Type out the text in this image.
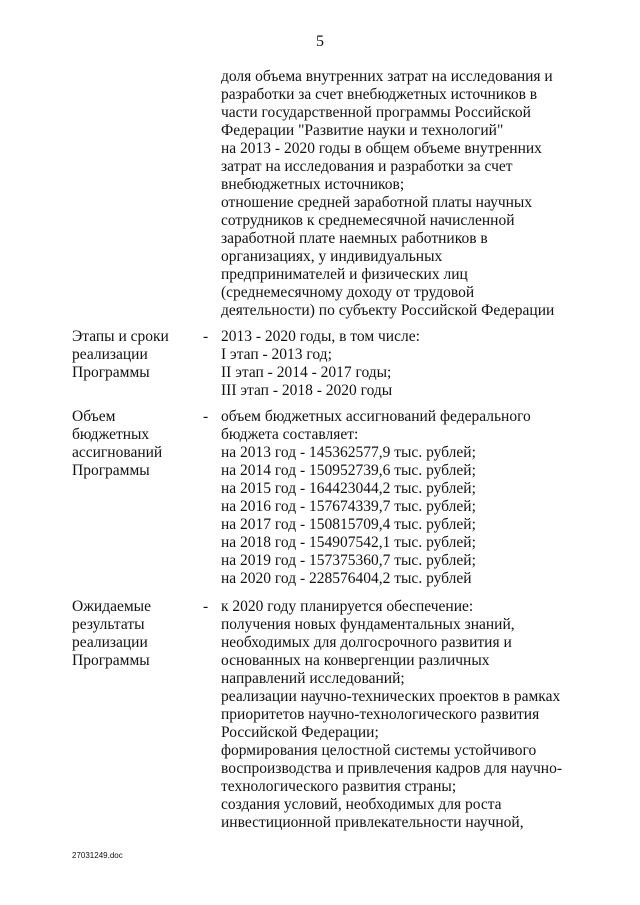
5
доля объема внутренних затрат на исследования и
разработки за счет внебюджетных источников в
части государственной программы Российской
Федерации "Развитие науки и технологий"
на 2013 - 2020 годы в общем объеме внутренних
затрат на исследования и разработки за счет
внебюджетных источников;
отношение средней заработной платы научных
сотрудников к среднемесячной начисленной
заработной плате наемных работников в
организациях, у индивидуальных
предпринимателей и физических лиц
(среднемесячному доходу от трудовой
деятельности) по субъекту Российской Федерации
Этапы и сроки
реализации
Программы
- 2013 - 2020 годы, в том числе:
I этап - 2013 год;
II этап - 2014 - 2017 годы;
III этап - 2018 - 2020 годы
Объем
бюджетных
ассигнований
Программы
- объем бюджетных ассигнований федерального
бюджета составляет:
на 2013 год - 145362577,9 тыс. рублей;
на 2014 год - 150952739,6 тыс. рублей;
на 2015 год - 164423044,2 тыс. рублей;
на 2016 год - 157674339,7 тыс. рублей;
на 2017 год - 150815709,4 тыс. рублей;
на 2018 год - 154907542,1 тыс. рублей;
на 2019 год - 157375360,7 тыс. рублей;
на 2020 год - 228576404,2 тыс. рублей
Ожидаемые
результаты
реализации
Программы
- к 2020 году планируется обеспечение:
получения новых фундаментальных знаний,
необходимых для долгосрочного развития и
основанных на конвергенции различных
направлений исследований;
реализации научно-технических проектов в рамках
приоритетов научно-технологического развития
Российской Федерации;
формирования целостной системы устойчивого
воспроизводства и привлечения кадров для научно-
технологического развития страны;
создания условий, необходимых для роста
инвестиционной привлекательности научной,
27031249.doc
